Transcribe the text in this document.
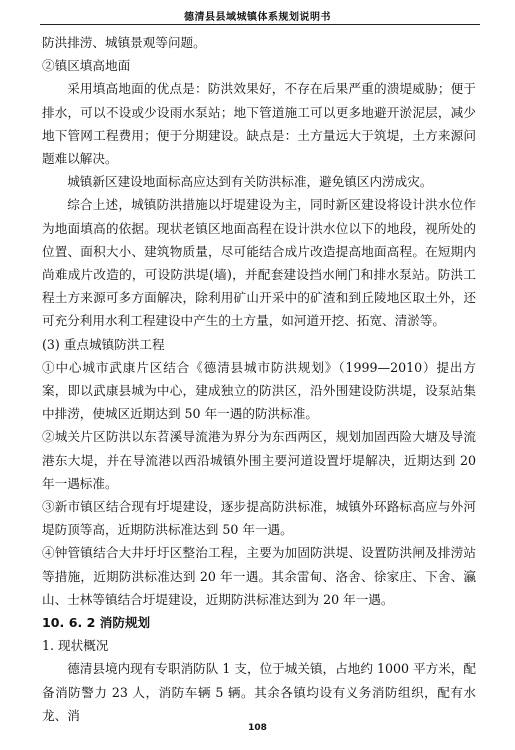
德清县县域城镇体系规划说明书

防洪排涝、城镇景观等问题。

②镇区填高地面

采用填高地面的优点是：防洪效果好，不存在后果严重的溃堤威胁；便于排水，可以不设或少设雨水泵站；地下管道施工可以更多地避开淤泥层，减少地下管网工程费用；便于分期建设。缺点是：土方量远大于筑堤，土方来源问题难以解决。

城镇新区建设地面标高应达到有关防洪标准，避免镇区内涝成灾。

综合上述，城镇防洪措施以圩堤建设为主，同时新区建设将设计洪水位作为地面填高的依据。现状老镇区地面高程在设计洪水位以下的地段，视所处的位置、面积大小、建筑物质量，尽可能结合成片改造提高地面高程。在短期内尚难成片改造的，可设防洪堤(墙)，并配套建设挡水闸门和排水泵站。防洪工程土方来源可多方面解决，除利用矿山开采中的矿渣和到丘陵地区取土外，还可充分利用水利工程建设中产生的土方量，如河道开挖、拓宽、清淤等。

(3) 重点城镇防洪工程

①中心城市武康片区结合《德清县城市防洪规划》（1999—2010）提出方案，即以武康县城为中心，建成独立的防洪区，沿外围建设防洪堤，设泵站集中排涝，使城区近期达到 50 年一遇的防洪标准。

②城关片区防洪以东苕溪导流港为界分为东西两区，规划加固西险大塘及导流港东大堤，并在导流港以西沿城镇外围主要河道设置圩堤解决，近期达到 20 年一遇标准。

③新市镇区结合现有圩堤建设，逐步提高防洪标准，城镇外环路标高应与外河堤防顶等高，近期防洪标准达到 50 年一遇。

④钟管镇结合大井圩圩区整治工程，主要为加固防洪堤、设置防洪闸及排涝站等措施，近期防洪标准达到 20 年一遇。其余雷甸、洛舍、徐家庄、下舍、瀛山、士林等镇结合圩堤建设，近期防洪标准达到为 20 年一遇。

10. 6. 2 消防规划

1. 现状概况

德清县境内现有专职消防队 1 支，位于城关镇，占地约 1000 平方米，配备消防警力 23 人，消防车辆 5 辆。其余各镇均设有义务消防组织，配有水龙、消

108
